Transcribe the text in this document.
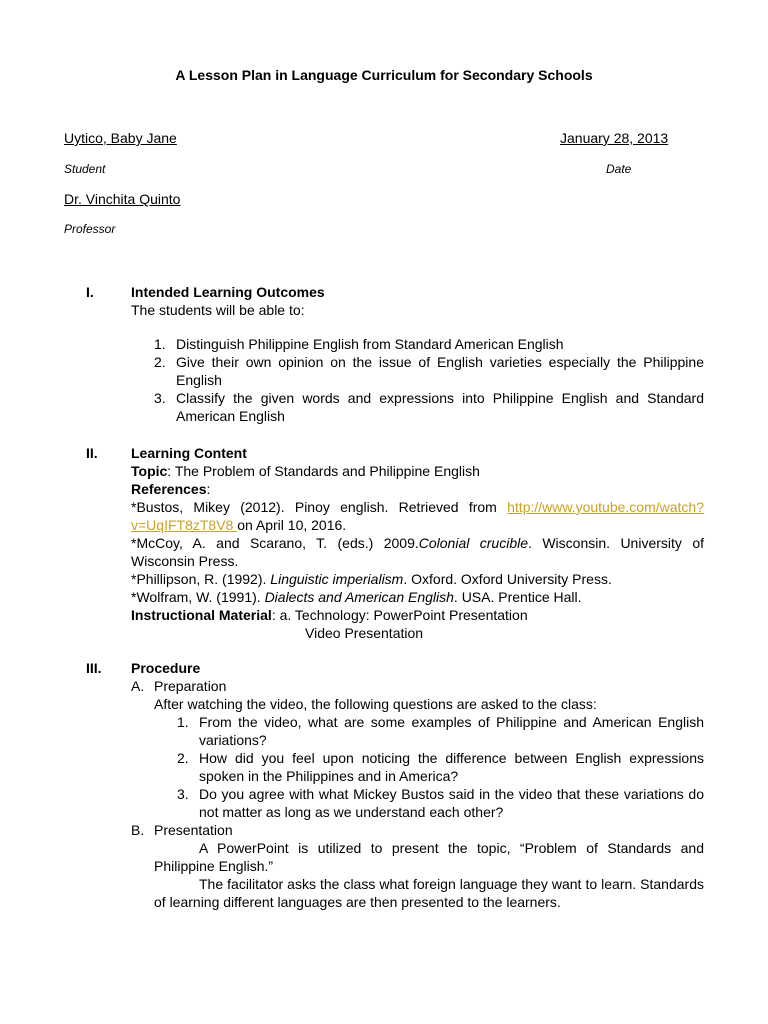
A Lesson Plan in Language Curriculum for Secondary Schools
Uytico, Baby Jane
Student
January 28, 2013
Date
Dr. Vinchita Quinto
Professor
I.	Intended Learning Outcomes

The students will be able to:

1. Distinguish Philippine English from Standard American English
2. Give their own opinion on the issue of English varieties especially the Philippine English
3. Classify the given words and expressions into Philippine English and Standard American English
II. Learning Content

Topic: The Problem of Standards and Philippine English

References:

*Bustos, Mikey (2012). Pinoy english. Retrieved from http://www.youtube.com/watch?v=UqIFT8zT8V8 on April 10, 2016.

*McCoy, A. and Scarano, T. (eds.) 2009.Colonial crucible. Wisconsin. University of Wisconsin Press.

*Phillipson, R. (1992). Linguistic imperialism. Oxford. Oxford University Press.

*Wolfram, W. (1991). Dialects and American English. USA. Prentice Hall.

Instructional Material: a. Technology: PowerPoint Presentation

Video Presentation

III. Procedure

A. Preparation

After watching the video, the following questions are asked to the class:

1. From the video, what are some examples of Philippine and American English variations?
2. How did you feel upon noticing the difference between English expressions spoken in the Philippines and in America?
3. Do you agree with what Mickey Bustos said in the video that these variations do not matter as long as we understand each other?
B. Presentation

A PowerPoint is utilized to present the topic, “Problem of Standards and Philippine English.”

The facilitator asks the class what foreign language they want to learn. Standards of learning different languages are then presented to the learners.
